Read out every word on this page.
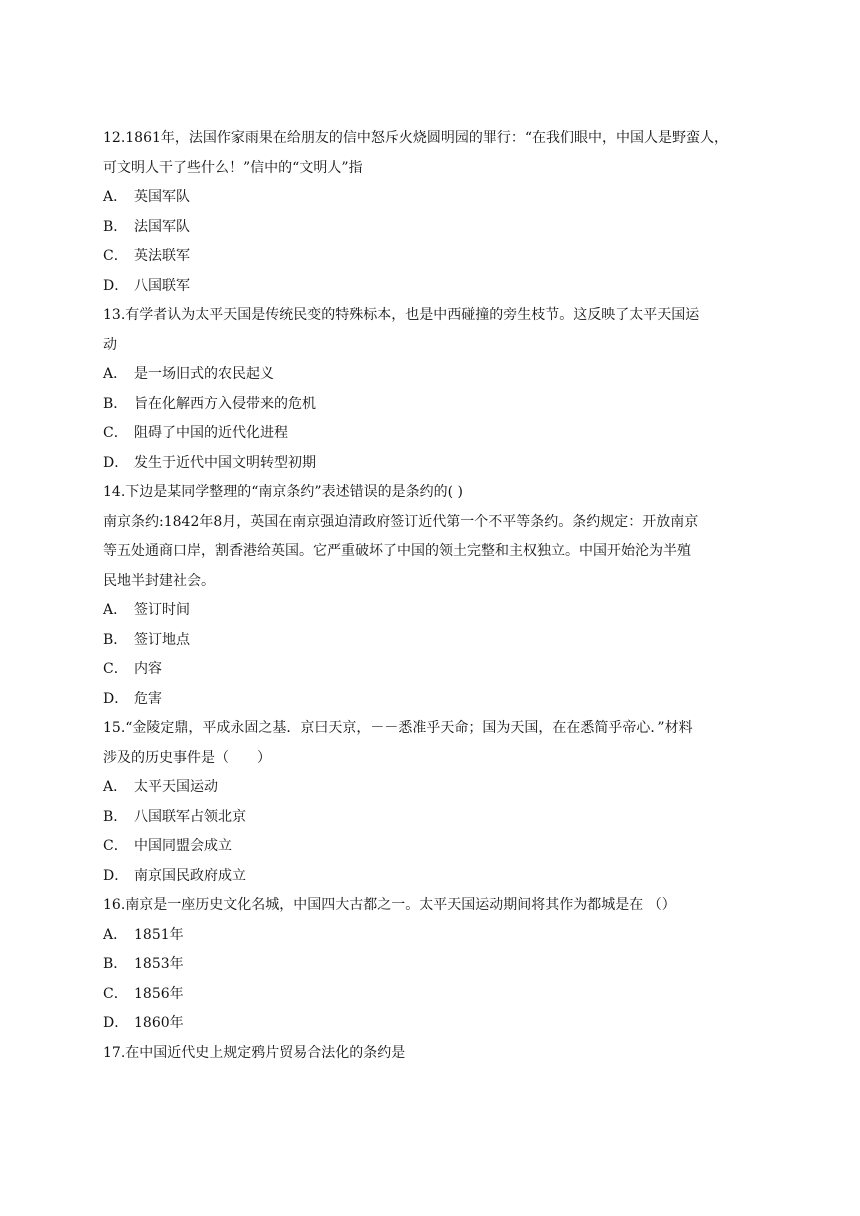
12.1861年，法国作家雨果在给朋友的信中怒斥火烧圆明园的罪行：“在我们眼中，中国人是野蛮人，
可文明人干了些什么！”信中的“文明人”指
A． 英国军队
B． 法国军队
C． 英法联军
D． 八国联军
13.有学者认为太平天国是传统民变的特殊标本，也是中西碰撞的旁生枝节。这反映了太平天国运
动
A． 是一场旧式的农民起义
B． 旨在化解西方入侵带来的危机
C． 阻碍了中国的近代化进程
D． 发生于近代中国文明转型初期
14.下边是某同学整理的“南京条约”表述错误的是条约的( )
南京条约:1842年8月，英国在南京强迫清政府签订近代第一个不平等条约。条约规定：开放南京
等五处通商口岸，割香港给英国。它严重破坏了中国的领土完整和主权独立。中国开始沦为半殖
民地半封建社会。
A． 签订时间
B． 签订地点
C． 内容
D． 危害
15.“金陵定鼎，平成永固之基．京曰天京，－－悉准乎天命；国为天国，在在悉简乎帝心．”材料
涉及的历史事件是（　　）
A． 太平天国运动
B． 八国联军占领北京
C． 中国同盟会成立
D． 南京国民政府成立
16.南京是一座历史文化名城，中国四大古都之一。太平天国运动期间将其作为都城是在 （）
A． 1851年
B． 1853年
C． 1856年
D． 1860年
17.在中国近代史上规定鸦片贸易合法化的条约是
